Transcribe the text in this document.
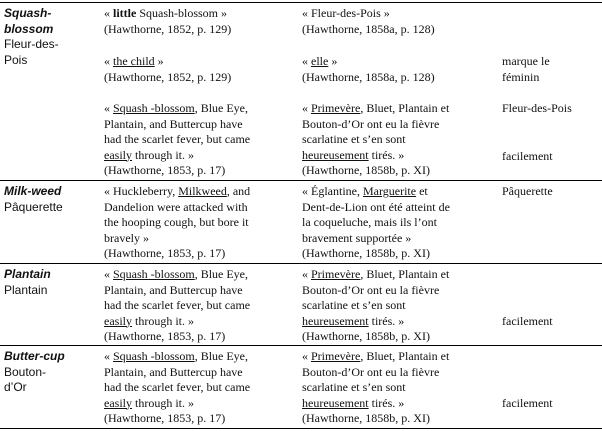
Squash-
blossom
Fleur-des-
Pois
« little Squash-blossom »
(Hawthorne, 1852, p. 129)
« Fleur-des-Pois »
(Hawthorne, 1858a, p. 128)
« the child »
(Hawthorne, 1852, p. 129)
« elle »
(Hawthorne, 1858a, p. 128)
marque le
féminin
« Squash -blossom, Blue Eye,
Plantain, and Buttercup have
had the scarlet fever, but came
easily through it. »
(Hawthorne, 1853, p. 17)
« Primevère, Bluet, Plantain et
Bouton-d’Or ont eu la fièvre
scarlatine et s’en sont
heureusement tirés. »
(Hawthorne, 1858b, p. XI)
Fleur-des-Pois
facilement
Milk-weed
Pâquerette
« Huckleberry, Milkweed, and
Dandelion were attacked with
the hooping cough, but bore it
bravely »
(Hawthorne, 1853, p. 17)
« Églantine, Marguerite et
Dent-de-Lion ont été atteint de
la coqueluche, mais ils l’ont
bravement supportée »
(Hawthorne, 1858b, p. XI)
Pâquerette
Plantain
Plantain
« Squash -blossom, Blue Eye,
Plantain, and Buttercup have
had the scarlet fever, but came
easily through it. »
(Hawthorne, 1853, p. 17)
« Primevère, Bluet, Plantain et
Bouton-d’Or ont eu la fièvre
scarlatine et s’en sont
heureusement tirés. »
(Hawthorne, 1858b, p. XI)
facilement
Butter-cup
Bouton-
d’Or
« Squash -blossom, Blue Eye,
Plantain, and Buttercup have
had the scarlet fever, but came
easily through it. »
(Hawthorne, 1853, p. 17)
« Primevère, Bluet, Plantain et
Bouton-d’Or ont eu la fièvre
scarlatine et s’en sont
heureusement tirés. »
(Hawthorne, 1858b, p. XI)
facilement
